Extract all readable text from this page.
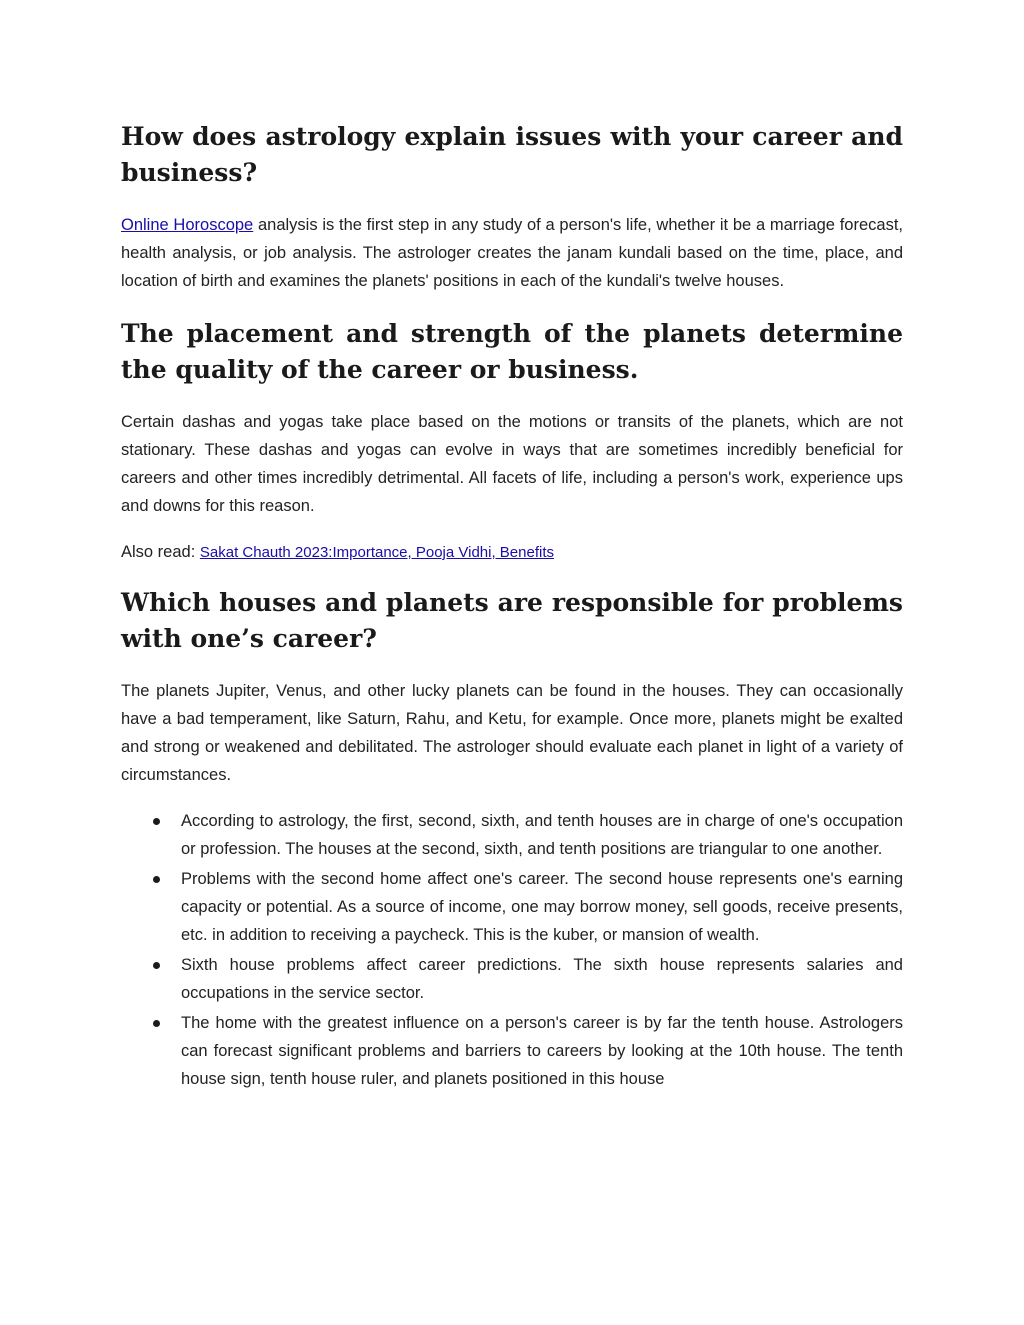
How does astrology explain issues with your career and business?

Online Horoscope analysis is the first step in any study of a person's life, whether it be a marriage forecast, health analysis, or job analysis. The astrologer creates the janam kundali based on the time, place, and location of birth and examines the planets' positions in each of the kundali's twelve houses.

The placement and strength of the planets determine the quality of the career or business.

Certain dashas and yogas take place based on the motions or transits of the planets, which are not stationary. These dashas and yogas can evolve in ways that are sometimes incredibly beneficial for careers and other times incredibly detrimental. All facets of life, including a person's work, experience ups and downs for this reason.

Also read: Sakat Chauth 2023:Importance, Pooja Vidhi, Benefits

Which houses and planets are responsible for problems with one’s career?

The planets Jupiter, Venus, and other lucky planets can be found in the houses. They can occasionally have a bad temperament, like Saturn, Rahu, and Ketu, for example. Once more, planets might be exalted and strong or weakened and debilitated. The astrologer should evaluate each planet in light of a variety of circumstances.

According to astrology, the first, second, sixth, and tenth houses are in charge of one's occupation or profession. The houses at the second, sixth, and tenth positions are triangular to one another.
Problems with the second home affect one's career. The second house represents one's earning capacity or potential. As a source of income, one may borrow money, sell goods, receive presents, etc. in addition to receiving a paycheck. This is the kuber, or mansion of wealth.
Sixth house problems affect career predictions. The sixth house represents salaries and occupations in the service sector.
The home with the greatest influence on a person's career is by far the tenth house. Astrologers can forecast significant problems and barriers to careers by looking at the 10th house. The tenth house sign, tenth house ruler, and planets positioned in this house
